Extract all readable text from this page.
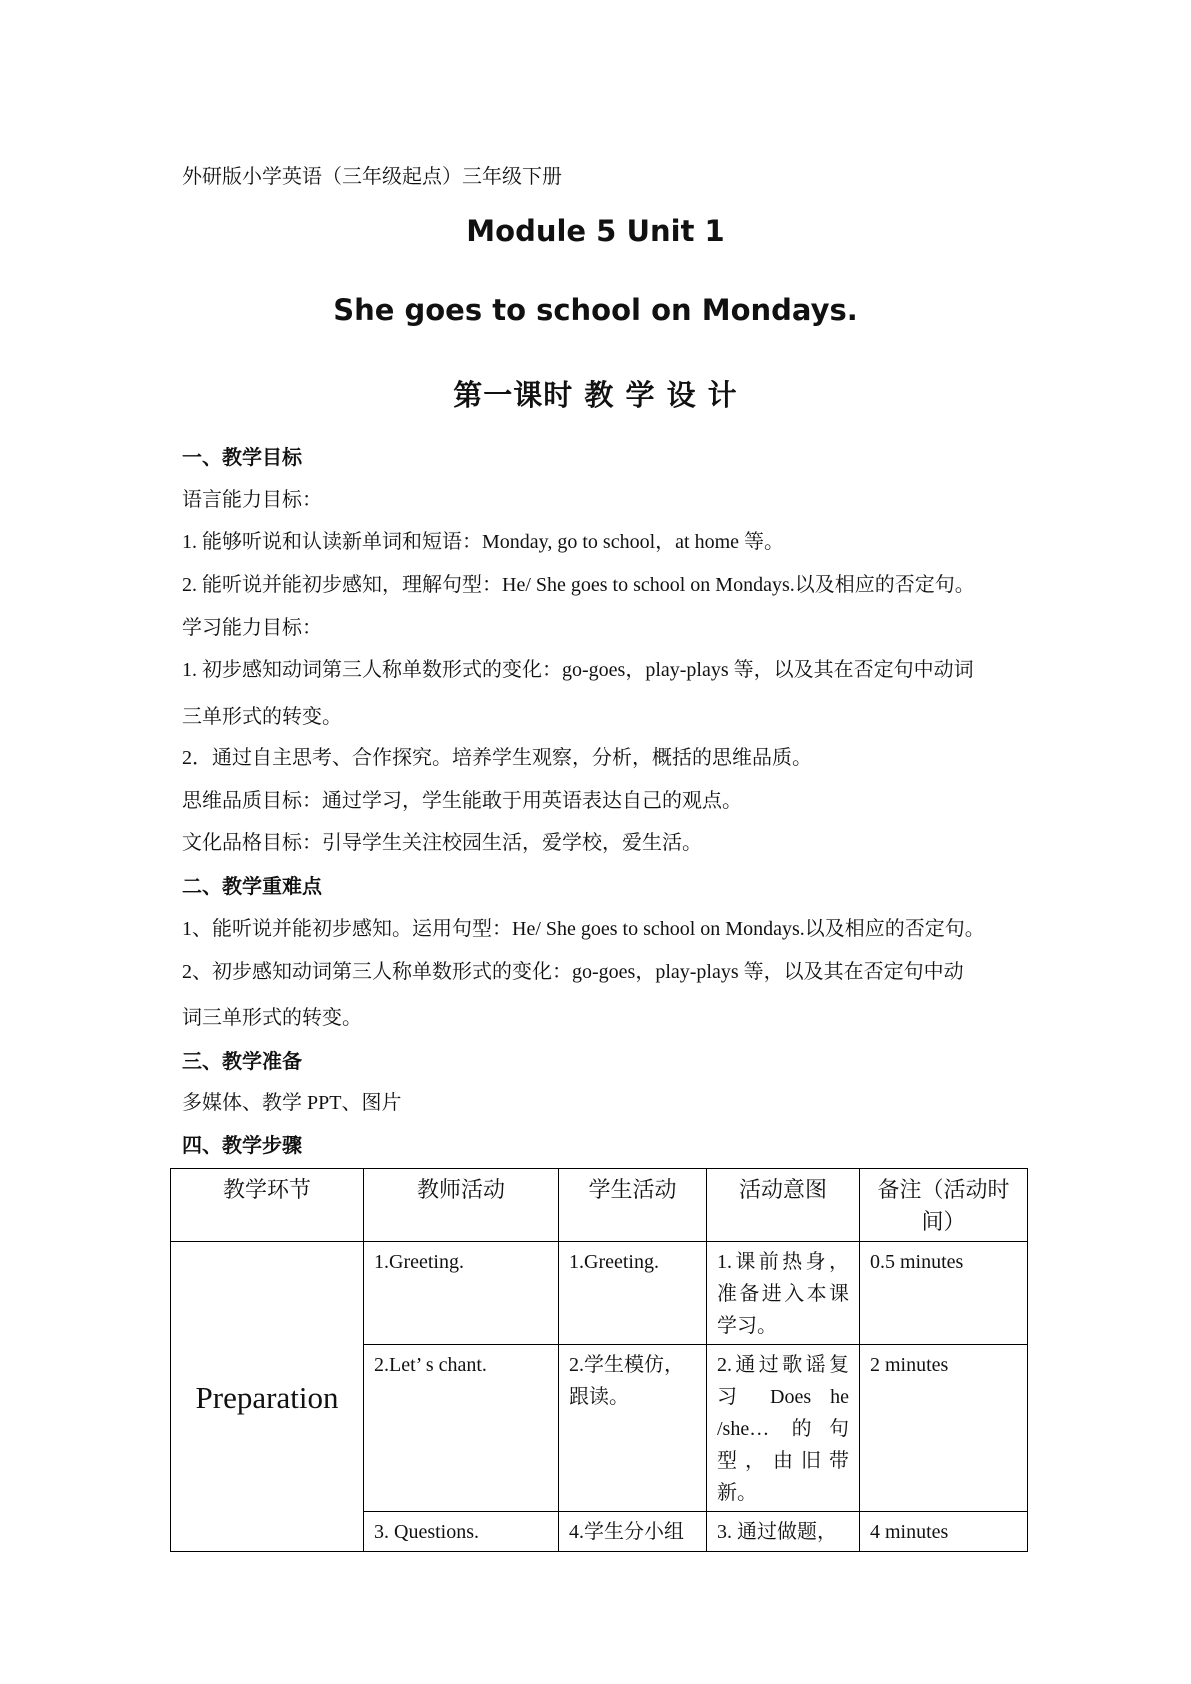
外研版小学英语（三年级起点）三年级下册
Module 5 Unit 1
She goes to school on Mondays.
第一课时 教 学 设 计
一、教学目标
语言能力目标：
1. 能够听说和认读新单词和短语：Monday, go to school，at home 等。
2. 能听说并能初步感知，理解句型：He/ She goes to school on Mondays.以及相应的否定句。
学习能力目标：
1. 初步感知动词第三人称单数形式的变化：go-goes，play-plays 等，以及其在否定句中动词
三单形式的转变。
2．通过自主思考、合作探究。培养学生观察，分析，概括的思维品质。
思维品质目标：通过学习，学生能敢于用英语表达自己的观点。
文化品格目标：引导学生关注校园生活，爱学校，爱生活。
二、教学重难点
1、能听说并能初步感知。运用句型：He/ She goes to school on Mondays.以及相应的否定句。
2、初步感知动词第三人称单数形式的变化：go-goes，play-plays 等，以及其在否定句中动
词三单形式的转变。
三、教学准备
多媒体、教学 PPT、图片
四、教学步骤
教学环节	教师活动	学生活动	活动意图	备注（活动时间）
Preparation	1.Greeting.	1.Greeting.	1.课前热身，准备进入本课学习。	0.5 minutes
	2.Let’ s chant.	2.学生模仿，跟读。	2.通过歌谣复习 Does he /she… 的句型，由旧带新。	2 minutes
	3. Questions.	4.学生分小组	3. 通过做题，	4 minutes
